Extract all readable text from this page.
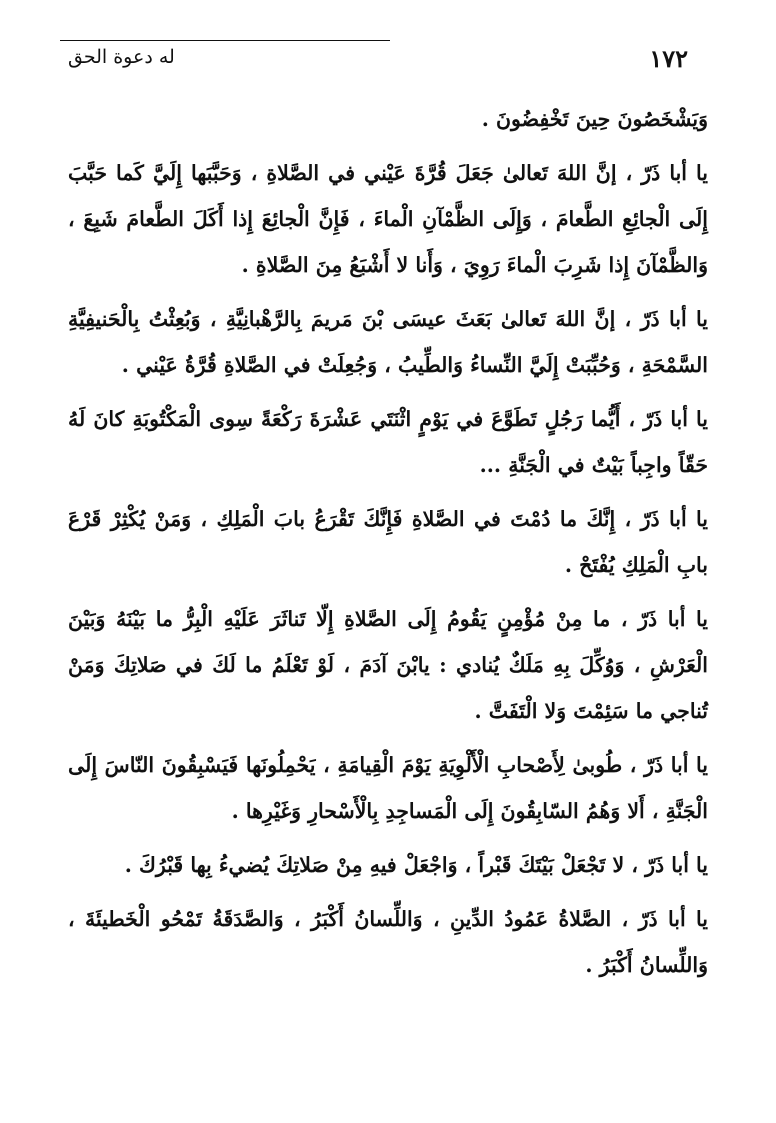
له دعوة الحق	١٧٢

وَيَشْخَصُونَ حِينَ تَخْفِضُونَ .

يا أبا ذَرّ ، إنَّ اللهَ تَعالىٰ جَعَلَ قُرَّةَ عَيْني في الصَّلاةِ ، وَحَبَّبَها إِلَيَّ كَما حَبَّبَ إِلَى الْجائِعِ الطَّعامَ ، وَإِلَى الظَّمْآنِ الْماءَ ، فَإِنَّ الْجائِعَ إِذا أَكَلَ الطَّعامَ شَبِعَ ، وَالظَّمْآنَ إِذا شَرِبَ الْماءَ رَوِيَ ، وَأَنا لا أَشْبَعُ مِنَ الصَّلاةِ .

يا أبا ذَرّ ، إنَّ اللهَ تَعالىٰ بَعَثَ عيسَى بْنَ مَريمَ بِالرَّهْبانِيَّةِ ، وَبُعِثْتُ بِالْحَنيفِيَّةِ السَّمْحَةِ ، وَحُبِّبَتْ إِلَيَّ النِّساءُ وَالطِّيبُ ، وَجُعِلَتْ في الصَّلاةِ قُرَّةُ عَيْني .

يا أبا ذَرّ ، أَيُّما رَجُلٍ تَطَوَّعَ في يَوْمٍ اثْنَتَي عَشْرَةَ رَكْعَةً سِوى الْمَكْتُوبَةِ كانَ لَهُ حَقّاً واجِباً بَيْتٌ في الْجَنَّةِ ...

يا أبا ذَرّ ، إِنَّكَ ما دُمْتَ في الصَّلاةِ فَإِنَّكَ تَقْرَعُ بابَ الْمَلِكِ ، وَمَنْ يُكْثِرْ قَرْعَ بابِ الْمَلِكِ يُفْتَحْ .

يا أبا ذَرّ ، ما مِنْ مُؤْمِنٍ يَقُومُ إِلَى الصَّلاةِ إِلّا تَناثَرَ عَلَيْهِ الْبِرُّ ما بَيْنَهُ وَبَيْنَ الْعَرْشِ ، وَوُكِّلَ بِهِ مَلَكٌ يُنادي : يابْنَ آدَمَ ، لَوْ تَعْلَمُ ما لَكَ في صَلاتِكَ وَمَنْ تُناجي ما سَئِمْتَ وَلا الْتَفَتَّ .

يا أبا ذَرّ ، طُوبىٰ لِأَصْحابِ الْأَلْوِيَةِ يَوْمَ الْقِيامَةِ ، يَحْمِلُونَها فَيَسْبِقُونَ النّاسَ إِلَى الْجَنَّةِ ، أَلا وَهُمُ السّابِقُونَ إِلَى الْمَساجِدِ بِالْأَسْحارِ وَغَيْرِها .

يا أبا ذَرّ ، لا تَجْعَلْ بَيْتَكَ قَبْراً ، وَاجْعَلْ فيهِ مِنْ صَلاتِكَ يُضيءُ بِها قَبْرُكَ .

يا أبا ذَرّ ، الصَّلاةُ عَمُودُ الدِّينِ ، وَاللِّسانُ أَكْبَرُ ، وَالصَّدَقَةُ تَمْحُو الْخَطيئَةَ ، وَاللِّسانُ أَكْبَرُ .
